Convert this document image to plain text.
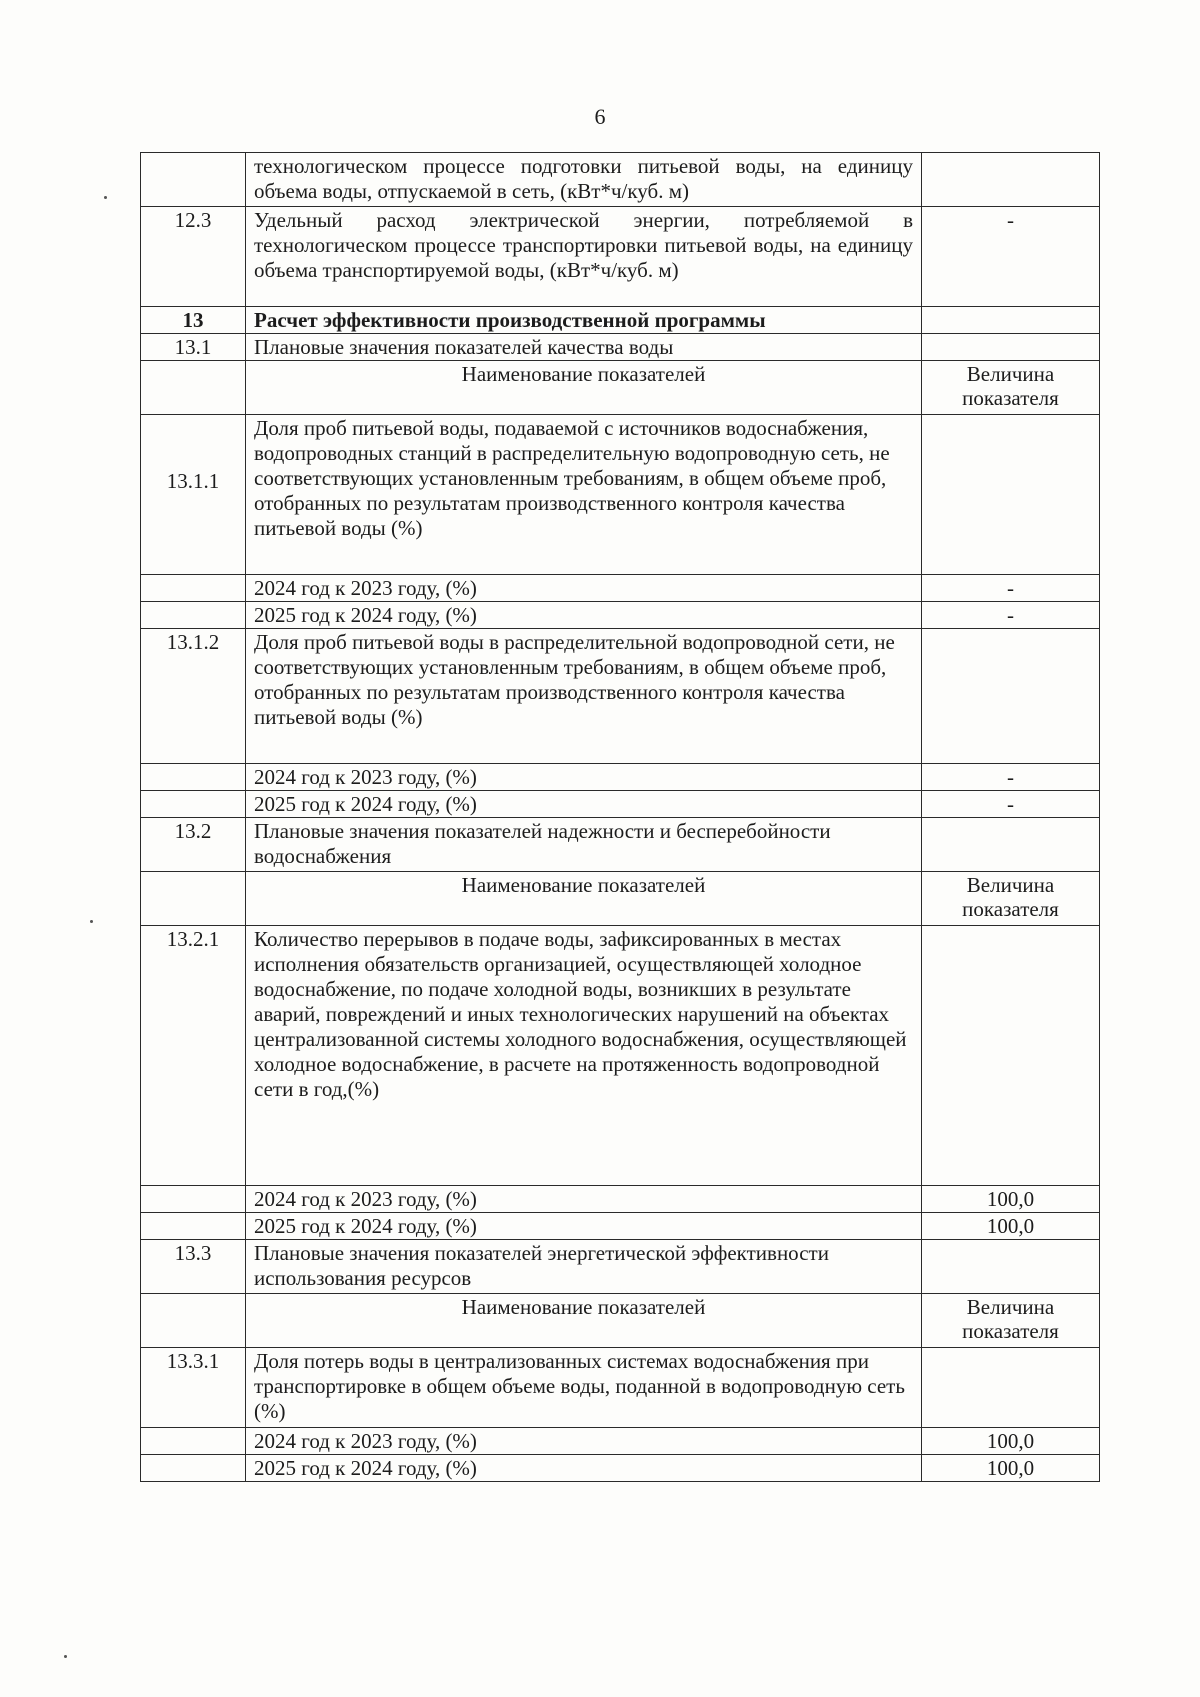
6
	технологическом процессе подготовки питьевой воды, на единицу объема воды, отпускаемой в сеть, (кВт*ч/куб. м)	
12.3	Удельный расход электрической энергии, потребляемой в технологическом процессе транспортировки питьевой воды, на единицу объема транспортируемой воды, (кВт*ч/куб. м)	-
13	Расчет эффективности производственной программы	
13.1	Плановые значения показателей качества воды	
	Наименование показателей	Величина показателя
13.1.1	Доля проб питьевой воды, подаваемой с источников водоснабжения, водопроводных станций в распределительную водопроводную сеть, не соответствующих установленным требованиям, в общем объеме проб, отобранных по результатам производственного контроля качества питьевой воды (%)	
	2024 год к 2023 году, (%)	-
	2025 год к 2024 году, (%)	-
13.1.2	Доля проб питьевой воды в распределительной водопроводной сети, не соответствующих установленным требованиям, в общем объеме проб, отобранных по результатам производственного контроля качества питьевой воды (%)	
	2024 год к 2023 году, (%)	-
	2025 год к 2024 году, (%)	-
13.2	Плановые значения показателей надежности и бесперебойности водоснабжения	
	Наименование показателей	Величина показателя
13.2.1	Количество перерывов в подаче воды, зафиксированных в местах исполнения обязательств организацией, осуществляющей холодное водоснабжение, по подаче холодной воды, возникших в результате аварий, повреждений и иных технологических нарушений на объектах централизованной системы холодного водоснабжения, осуществляющей холодное водоснабжение, в расчете на протяженность водопроводной сети в год,(%)	
	2024 год к 2023 году, (%)	100,0
	2025 год к 2024 году, (%)	100,0
13.3	Плановые значения показателей энергетической эффективности использования ресурсов	
	Наименование показателей	Величина показателя
13.3.1	Доля потерь воды в централизованных системах водоснабжения при транспортировке в общем объеме воды, поданной в водопроводную сеть (%)	
	2024 год к 2023 году, (%)	100,0
	2025 год к 2024 году, (%)	100,0
